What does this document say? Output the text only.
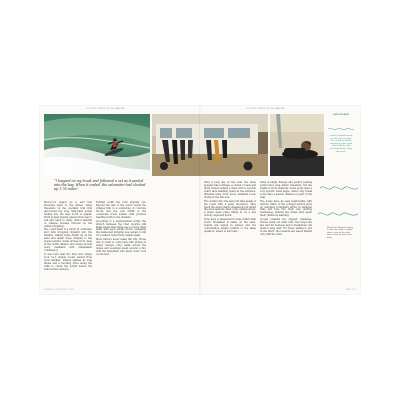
OUTLIERS SURFING IN THE MARGINS
“I hopped on my truck and followed a set as it peeled into the bay. When it ended, the odometer had clocked up 1.78 miles”

Morocco's legacy as a surf hub stretches back to the sixties, when travellers on the overland trail first discovered the long right-hand points folding into the bays north of Agadir. Word spread quietly, passed from van to van and camp to camp, until a handful of villages became fixtures on the winter migration.

The coast itself is a study in contrasts, arid hills dropping straight into the Atlantic, fishing boats drawn up on the sand and argan trees clinging to the slopes behind. Swell arrives from deep in the North Atlantic and wraps around every headland with remarkable consistency.

It was here that the first surf camps took root, simple rooms rented from local families, shared tagines at long tables and a morning drive along the cliffs to check the points before the wind turned onshore.

Further south the road empties out. Beyond the last of the resort towns the villages thin to a scattering of concrete blocks and the only traffic is the occasional truck loaded with produce heading north to the markets.

According to a well-travelled surfer, the stretch between the river mouths still hides waves that rarely see a crowd. Sand shifts with each winter storm, reshaping the banks and bringing new setups to life for a season before they vanish again.

Most visitors never make the trip. Those who do tend to come back with stories of empty lineups, long walks across the dunes and evenings spent around a fire with the fishermen who know every rock on the reef.

SURFING & THE WILD COAST
OUTLIERS SURFING IN THE MARGINS

After a long day on the road, the camp appears like a mirage, a cluster of vans and tents tucked behind a dune with a wooden board rack standing guard at the entrance. Wetsuits hang from every available hook, drying in the late sun.

The surfers who live here full time speak of the coast with a quiet reverence. They track the swell charts obsessively but admit the best sessions often come unannounced, a small clean pulse filling in on a day nobody expected much.

Time here is measured in tides rather than hours. Breakfast is taken on the sand, boards are waxed in silence and the conversation always returns to the same question: where to surf next.

Tales of empty lineups and perfect peeling points have long drawn travellers, but the reality is more nuanced. Some spots need a very specific swell angle, others only break a few days a season. Patience is part of the deal.

The locals have an easy relationship with visitors. Many of the younger surfers grew up watching foreigners arrive in battered vans and now run their own guiding businesses, sharing the waves they spent their childhood learning.

Access remains the biggest challenge. Tracks wash out after rain, fuel stops are few and far between and a breakdown can mean a long wait. For those willing to put in the effort, the rewards are waves shared only with the wind.

SURFBOARD
Loosely shaped boards are the tool of choice here, built to handle everything from small wind swell to solid overhead points along the coast.
Above left: Wetsuits drying on the van. Right: a surfer takes a rest on the sand after a long session at the point.
PAGE 119
